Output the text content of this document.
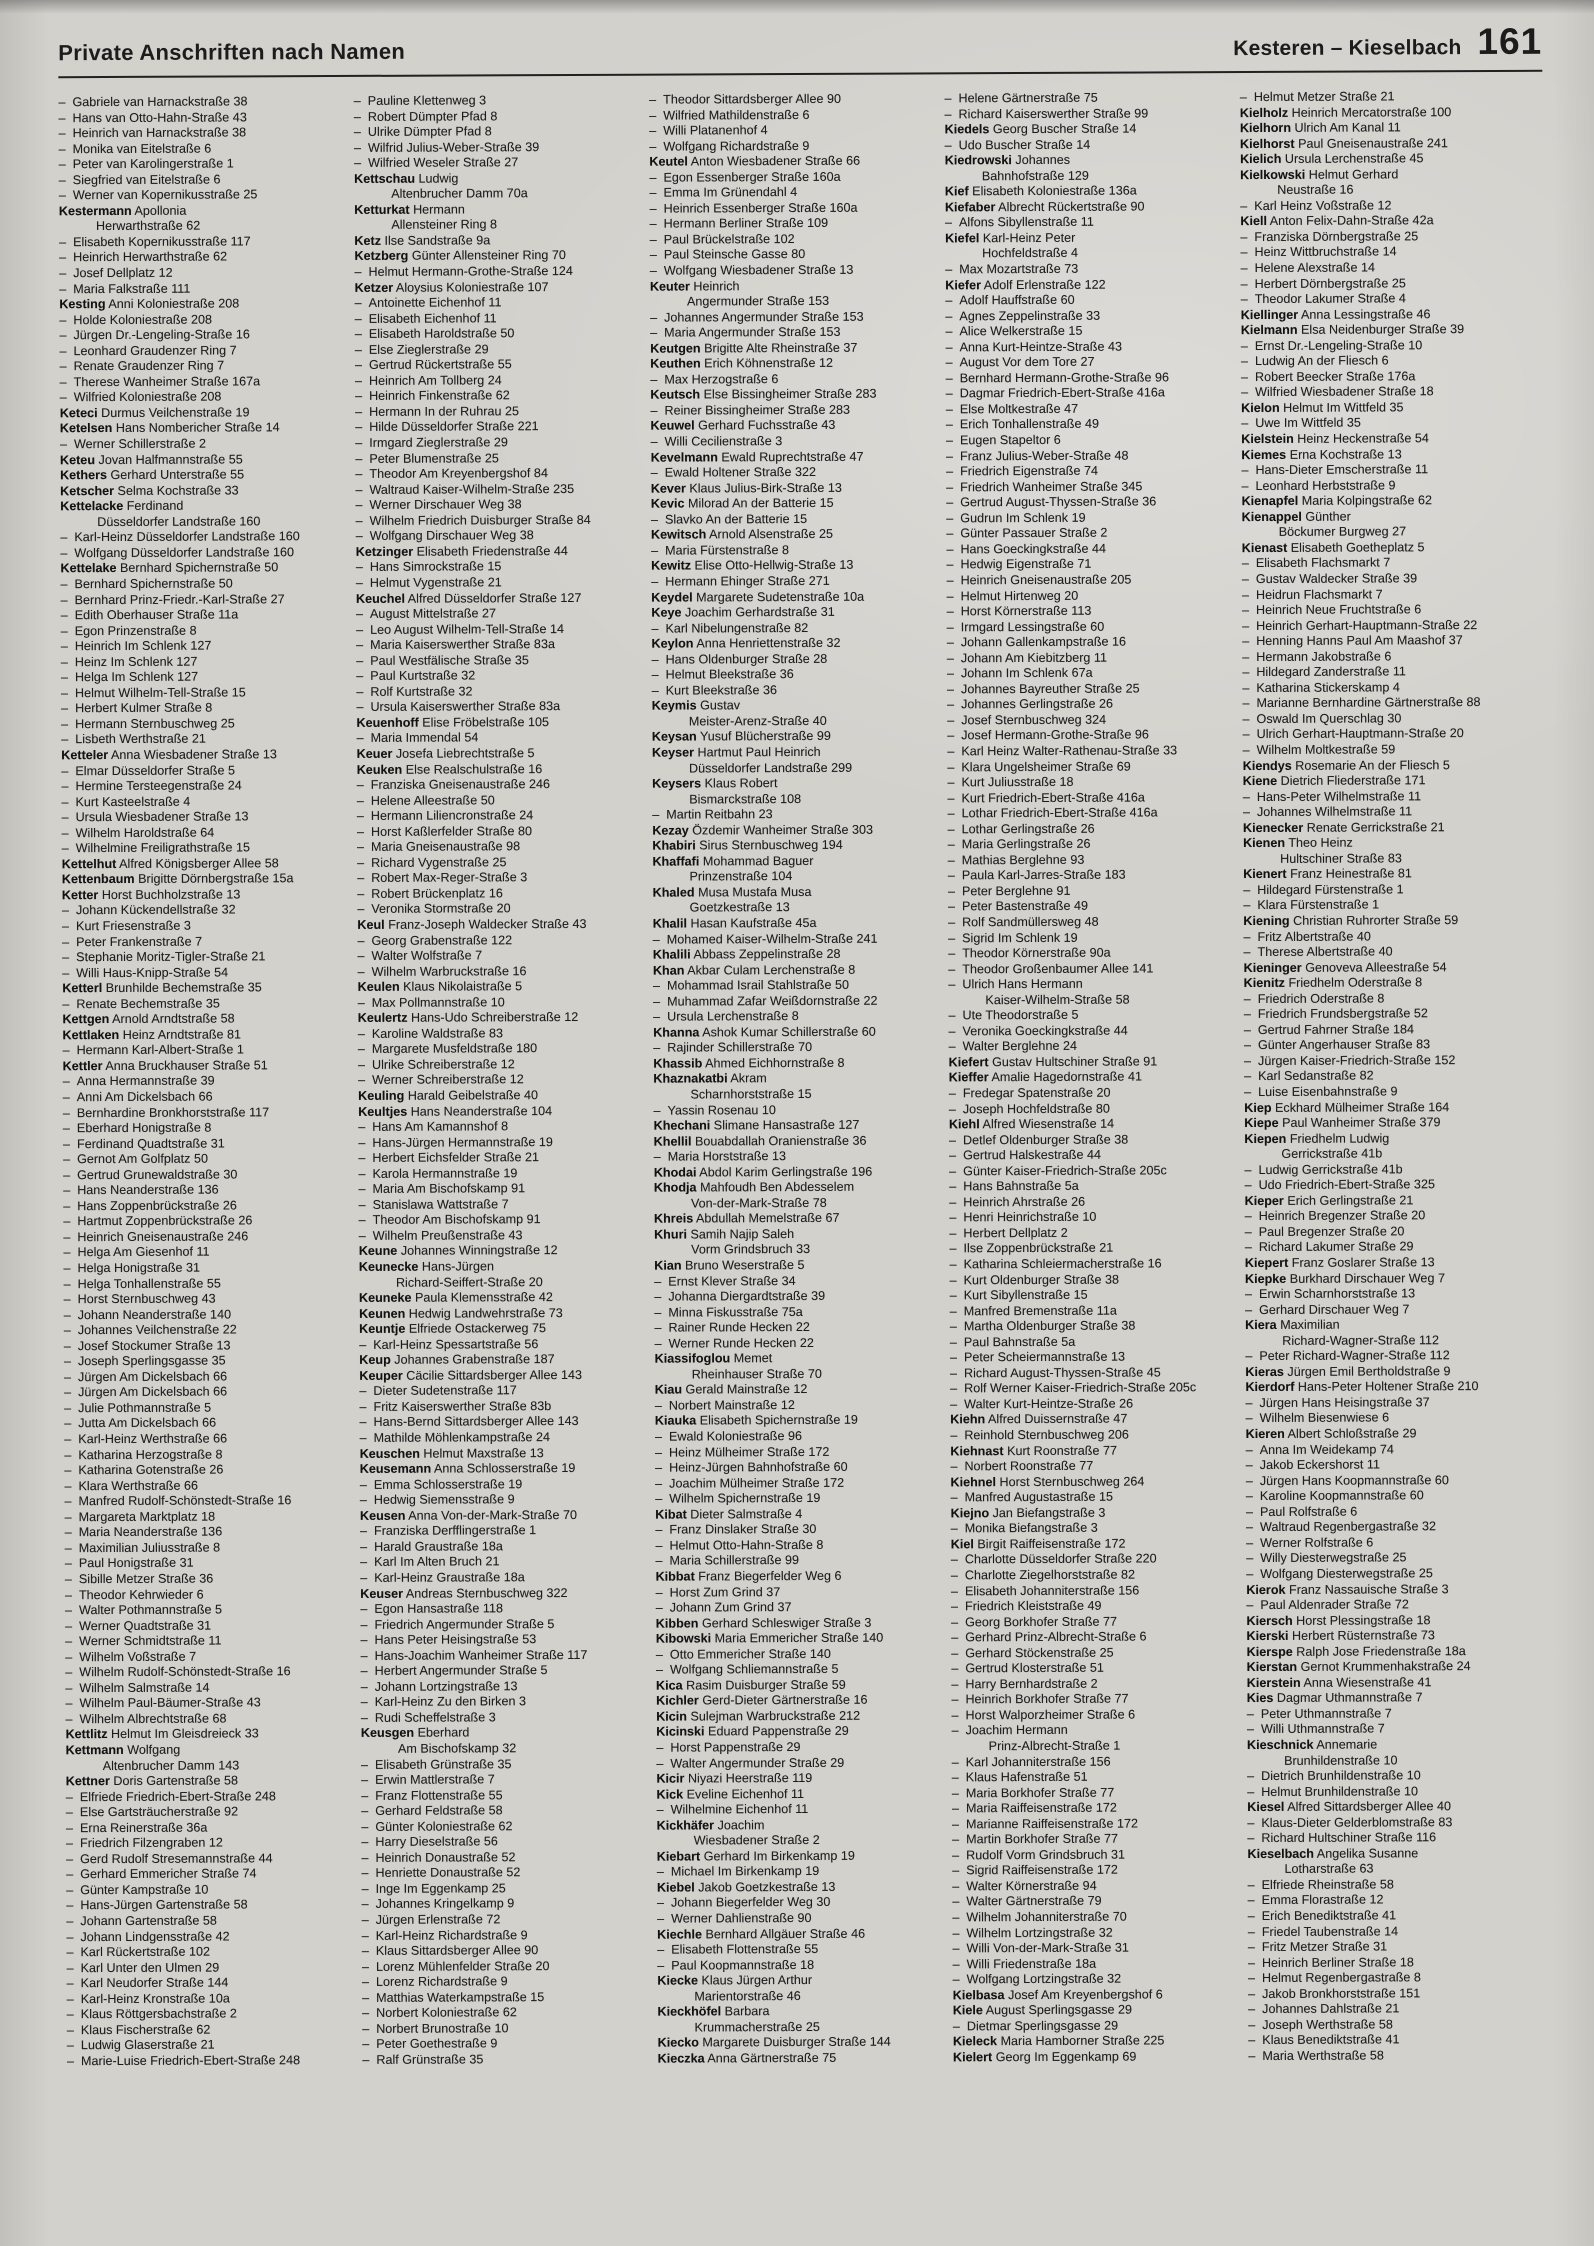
Private Anschriften nach Namen	Kesteren – Kieselbach 161
– Gabriele van Harnackstraße 38
– Hans van Otto-Hahn-Straße 43
– Heinrich van Harnackstraße 38
– Monika van Eitelstraße 6
– Peter van Karolingerstraße 1
– Siegfried van Eitelstraße 6
– Werner van Kopernikusstraße 25
Kestermann Apollonia
Herwarthstraße 62
– Elisabeth Kopernikusstraße 117
– Heinrich Herwarthstraße 62
– Josef Dellplatz 12
– Maria Falkstraße 111
Kesting Anni Koloniestraße 208
– Holde Koloniestraße 208
– Jürgen Dr.-Lengeling-Straße 16
– Leonhard Graudenzer Ring 7
– Renate Graudenzer Ring 7
– Therese Wanheimer Straße 167a
– Wilfried Koloniestraße 208
Keteci Durmus Veilchenstraße 19
Ketelsen Hans Nombericher Straße 14
– Werner Schillerstraße 2
Keteu Jovan Halfmannstraße 55
Kethers Gerhard Unterstraße 55
Ketscher Selma Kochstraße 33
Kettelacke Ferdinand
Düsseldorfer Landstraße 160
– Karl-Heinz Düsseldorfer Landstraße 160
– Wolfgang Düsseldorfer Landstraße 160
Kettelake Bernhard Spichernstraße 50
– Bernhard Spichernstraße 50
– Bernhard Prinz-Friedr.-Karl-Straße 27
– Edith Oberhauser Straße 11a
– Egon Prinzenstraße 8
– Heinrich Im Schlenk 127
– Heinz Im Schlenk 127
– Helga Im Schlenk 127
– Helmut Wilhelm-Tell-Straße 15
– Herbert Kulmer Straße 8
– Hermann Sternbuschweg 25
– Lisbeth Werthstraße 21
Ketteler Anna Wiesbadener Straße 13
– Elmar Düsseldorfer Straße 5
– Hermine Tersteegenstraße 24
– Kurt Kasteelstraße 4
– Ursula Wiesbadener Straße 13
– Wilhelm Haroldstraße 64
– Wilhelmine Freiligrathstraße 15
Kettelhut Alfred Königsberger Allee 58
Kettenbaum Brigitte Dörnbergstraße 15a
Ketter Horst Buchholzstraße 13
– Johann Kückendellstraße 32
– Kurt Friesenstraße 3
– Peter Frankenstraße 7
– Stephanie Moritz-Tigler-Straße 21
– Willi Haus-Knipp-Straße 54
Ketterl Brunhilde Bechemstraße 35
– Renate Bechemstraße 35
Kettgen Arnold Arndtstraße 58
Kettlaken Heinz Arndtstraße 81
– Hermann Karl-Albert-Straße 1
Kettler Anna Bruckhauser Straße 51
– Anna Hermannstraße 39
– Anni Am Dickelsbach 66
– Bernhardine Bronkhorststraße 117
– Eberhard Honigstraße 8
– Ferdinand Quadtstraße 31
– Gernot Am Golfplatz 50
– Gertrud Grunewaldstraße 30
– Hans Neanderstraße 136
– Hans Zoppenbrückstraße 26
– Hartmut Zoppenbrückstraße 26
– Heinrich Gneisenaustraße 246
– Helga Am Giesenhof 11
– Helga Honigstraße 31
– Helga Tonhallenstraße 55
– Horst Sternbuschweg 43
– Johann Neanderstraße 140
– Johannes Veilchenstraße 22
– Josef Stockumer Straße 13
– Joseph Sperlingsgasse 35
– Jürgen Am Dickelsbach 66
– Jürgen Am Dickelsbach 66
– Julie Pothmannstraße 5
– Jutta Am Dickelsbach 66
– Karl-Heinz Werthstraße 66
– Katharina Herzogstraße 8
– Katharina Gotenstraße 26
– Klara Werthstraße 66
– Manfred Rudolf-Schönstedt-Straße 16
– Margareta Marktplatz 18
– Maria Neanderstraße 136
– Maximilian Juliusstraße 8
– Paul Honigstraße 31
– Sibille Metzer Straße 36
– Theodor Kehrwieder 6
– Walter Pothmannstraße 5
– Werner Quadtstraße 31
– Werner Schmidtstraße 11
– Wilhelm Voßstraße 7
– Wilhelm Rudolf-Schönstedt-Straße 16
– Wilhelm Salmstraße 14
– Wilhelm Paul-Bäumer-Straße 43
– Wilhelm Albrechtstraße 68
Kettlitz Helmut Im Gleisdreieck 33
Kettmann Wolfgang
Altenbrucher Damm 143
Kettner Doris Gartenstraße 58
– Elfriede Friedrich-Ebert-Straße 248
– Else Gartsträucherstraße 92
– Erna Reinerstraße 36a
– Friedrich Filzengraben 12
– Gerd Rudolf Stresemannstraße 44
– Gerhard Emmericher Straße 74
– Günter Kampstraße 10
– Hans-Jürgen Gartenstraße 58
– Johann Gartenstraße 58
– Johann Lindgensstraße 42
– Karl Rückertstraße 102
– Karl Unter den Ulmen 29
– Karl Neudorfer Straße 144
– Karl-Heinz Kronstraße 10a
– Klaus Röttgersbachstraße 2
– Klaus Fischerstraße 62
– Ludwig Glaserstraße 21
– Marie-Luise Friedrich-Ebert-Straße 248
– Pauline Klettenweg 3
– Robert Dümpter Pfad 8
– Ulrike Dümpter Pfad 8
– Wilfrid Julius-Weber-Straße 39
– Wilfried Weseler Straße 27
Kettschau Ludwig
Altenbrucher Damm 70a
Ketturkat Hermann
Allensteiner Ring 8
Ketz Ilse Sandstraße 9a
Ketzberg Günter Allensteiner Ring 70
– Helmut Hermann-Grothe-Straße 124
Ketzer Aloysius Koloniestraße 107
– Antoinette Eichenhof 11
– Elisabeth Eichenhof 11
– Elisabeth Haroldstraße 50
– Else Zieglerstraße 29
– Gertrud Rückertstraße 55
– Heinrich Am Tollberg 24
– Heinrich Finkenstraße 62
– Hermann In der Ruhrau 25
– Hilde Düsseldorfer Straße 221
– Irmgard Zieglerstraße 29
– Peter Blumenstraße 25
– Theodor Am Kreyenbergshof 84
– Waltraud Kaiser-Wilhelm-Straße 235
– Werner Dirschauer Weg 38
– Wilhelm Friedrich Duisburger Straße 84
– Wolfgang Dirschauer Weg 38
Ketzinger Elisabeth Friedenstraße 44
– Hans Simrockstraße 15
– Helmut Vygenstraße 21
Keuchel Alfred Düsseldorfer Straße 127
– August Mittelstraße 27
– Leo August Wilhelm-Tell-Straße 14
– Maria Kaiserswerther Straße 83a
– Paul Westfälische Straße 35
– Paul Kurtstraße 32
– Rolf Kurtstraße 32
– Ursula Kaiserswerther Straße 83a
Keuenhoff Elise Fröbelstraße 105
– Maria Immendal 54
Keuer Josefa Liebrechtstraße 5
Keuken Else Realschulstraße 16
– Franziska Gneisenaustraße 246
– Helene Alleestraße 50
– Hermann Liliencronstraße 24
– Horst Kaßlerfelder Straße 80
– Maria Gneisenaustraße 98
– Richard Vygenstraße 25
– Robert Max-Reger-Straße 3
– Robert Brückenplatz 16
– Veronika Stormstraße 20
Keul Franz-Joseph Waldecker Straße 43
– Georg Grabenstraße 122
– Walter Wolfstraße 7
– Wilhelm Warbruckstraße 16
Keulen Klaus Nikolaistraße 5
– Max Pollmannstraße 10
Keulertz Hans-Udo Schreiberstraße 12
– Karoline Waldstraße 83
– Margarete Musfeldstraße 180
– Ulrike Schreiberstraße 12
– Werner Schreiberstraße 12
Keuling Harald Geibelstraße 40
Keultjes Hans Neanderstraße 104
– Hans Am Kamannshof 8
– Hans-Jürgen Hermannstraße 19
– Herbert Eichsfelder Straße 21
– Karola Hermannstraße 19
– Maria Am Bischofskamp 91
– Stanislawa Wattstraße 7
– Theodor Am Bischofskamp 91
– Wilhelm Preußenstraße 43
Keune Johannes Winningstraße 12
Keunecke Hans-Jürgen
Richard-Seiffert-Straße 20
Keuneke Paula Klemensstraße 42
Keunen Hedwig Landwehrstraße 73
Keuntje Elfriede Ostackerweg 75
– Karl-Heinz Spessartstraße 56
Keup Johannes Grabenstraße 187
Keuper Cäcilie Sittardsberger Allee 143
– Dieter Sudetenstraße 117
– Fritz Kaiserswerther Straße 83b
– Hans-Bernd Sittardsberger Allee 143
– Mathilde Möhlenkampstraße 24
Keuschen Helmut Maxstraße 13
Keusemann Anna Schlosserstraße 19
– Emma Schlosserstraße 19
– Hedwig Siemensstraße 9
Keusen Anna Von-der-Mark-Straße 70
– Franziska Derfflingerstraße 1
– Harald Graustraße 18a
– Karl Im Alten Bruch 21
– Karl-Heinz Graustraße 18a
Keuser Andreas Sternbuschweg 322
– Egon Hansastraße 118
– Friedrich Angermunder Straße 5
– Hans Peter Heisingstraße 53
– Hans-Joachim Wanheimer Straße 117
– Herbert Angermunder Straße 5
– Johann Lortzingstraße 13
– Karl-Heinz Zu den Birken 3
– Rudi Scheffelstraße 3
Keusgen Eberhard
Am Bischofskamp 32
– Elisabeth Grünstraße 35
– Erwin Mattlerstraße 7
– Franz Flottenstraße 55
– Gerhard Feldstraße 58
– Günter Koloniestraße 62
– Harry Dieselstraße 56
– Heinrich Donaustraße 52
– Henriette Donaustraße 52
– Inge Im Eggenkamp 25
– Johannes Kringelkamp 9
– Jürgen Erlenstraße 72
– Karl-Heinz Richardstraße 9
– Klaus Sittardsberger Allee 90
– Lorenz Mühlenfelder Straße 20
– Lorenz Richardstraße 9
– Matthias Waterkampstraße 15
– Norbert Koloniestraße 62
– Norbert Brunostraße 10
– Peter Goethestraße 9
– Ralf Grünstraße 35
– Theodor Sittardsberger Allee 90
– Wilfried Mathildenstraße 6
– Willi Platanenhof 4
– Wolfgang Richardstraße 9
Keutel Anton Wiesbadener Straße 66
– Egon Essenberger Straße 160a
– Emma Im Grünendahl 4
– Heinrich Essenberger Straße 160a
– Hermann Berliner Straße 109
– Paul Brückelstraße 102
– Paul Steinsche Gasse 80
– Wolfgang Wiesbadener Straße 13
Keuter Heinrich
Angermunder Straße 153
– Johannes Angermunder Straße 153
– Maria Angermunder Straße 153
Keutgen Brigitte Alte Rheinstraße 37
Keuthen Erich Köhnenstraße 12
– Max Herzogstraße 6
Keutsch Else Bissingheimer Straße 283
– Reiner Bissingheimer Straße 283
Keuwel Gerhard Fuchsstraße 43
– Willi Cecilienstraße 3
Kevelmann Ewald Ruprechtstraße 47
– Ewald Holtener Straße 322
Kever Klaus Julius-Birk-Straße 13
Kevic Milorad An der Batterie 15
– Slavko An der Batterie 15
Kewitsch Arnold Alsenstraße 25
– Maria Fürstenstraße 8
Kewitz Elise Otto-Hellwig-Straße 13
– Hermann Ehinger Straße 271
Keydel Margarete Sudetenstraße 10a
Keye Joachim Gerhardstraße 31
– Karl Nibelungenstraße 82
Keylon Anna Henriettenstraße 32
– Hans Oldenburger Straße 28
– Helmut Bleekstraße 36
– Kurt Bleekstraße 36
Keymis Gustav
Meister-Arenz-Straße 40
Keysan Yusuf Blücherstraße 99
Keyser Hartmut Paul Heinrich
Düsseldorfer Landstraße 299
Keysers Klaus Robert
Bismarckstraße 108
– Martin Reitbahn 23
Kezay Özdemir Wanheimer Straße 303
Khabiri Sirus Sternbuschweg 194
Khaffafi Mohammad Baguer
Prinzenstraße 104
Khaled Musa Mustafa Musa
Goetzkestraße 13
Khalil Hasan Kaufstraße 45a
– Mohamed Kaiser-Wilhelm-Straße 241
Khalili Abbass Zeppelinstraße 28
Khan Akbar Culam Lerchenstraße 8
– Mohammad Israil Stahlstraße 50
– Muhammad Zafar Weißdornstraße 22
– Ursula Lerchenstraße 8
Khanna Ashok Kumar Schillerstraße 60
– Rajinder Schillerstraße 70
Khassib Ahmed Eichhornstraße 8
Khaznakatbi Akram
Scharnhorststraße 15
– Yassin Rosenau 10
Khechani Slimane Hansastraße 127
Khellil Bouabdallah Oranienstraße 36
– Maria Horststraße 13
Khodai Abdol Karim Gerlingstraße 196
Khodja Mahfoudh Ben Abdesselem
Von-der-Mark-Straße 78
Khreis Abdullah Memelstraße 67
Khuri Samih Najip Saleh
Vorm Grindsbruch 33
Kian Bruno Weserstraße 5
– Ernst Klever Straße 34
– Johanna Diergardtstraße 39
– Minna Fiskusstraße 75a
– Rainer Runde Hecken 22
– Werner Runde Hecken 22
Kiassifoglou Memet
Rheinhauser Straße 70
Kiau Gerald Mainstraße 12
– Norbert Mainstraße 12
Kiauka Elisabeth Spichernstraße 19
– Ewald Koloniestraße 96
– Heinz Mülheimer Straße 172
– Heinz-Jürgen Bahnhofstraße 60
– Joachim Mülheimer Straße 172
– Wilhelm Spichernstraße 19
Kibat Dieter Salmstraße 4
– Franz Dinslaker Straße 30
– Helmut Otto-Hahn-Straße 8
– Maria Schillerstraße 99
Kibbat Franz Biegerfelder Weg 6
– Horst Zum Grind 37
– Johann Zum Grind 37
Kibben Gerhard Schleswiger Straße 3
Kibowski Maria Emmericher Straße 140
– Otto Emmericher Straße 140
– Wolfgang Schliemannstraße 5
Kica Rasim Duisburger Straße 59
Kichler Gerd-Dieter Gärtnerstraße 16
Kicin Sulejman Warbruckstraße 212
Kicinski Eduard Pappenstraße 29
– Horst Pappenstraße 29
– Walter Angermunder Straße 29
Kicir Niyazi Heerstraße 119
Kick Eveline Eichenhof 11
– Wilhelmine Eichenhof 11
Kickhäfer Joachim
Wiesbadener Straße 2
Kiebart Gerhard Im Birkenkamp 19
– Michael Im Birkenkamp 19
Kiebel Jakob Goetzkestraße 13
– Johann Biegerfelder Weg 30
– Werner Dahlienstraße 90
Kiechle Bernhard Allgäuer Straße 46
– Elisabeth Flottenstraße 55
– Paul Koopmannstraße 18
Kiecke Klaus Jürgen Arthur
Marientorstraße 46
Kieckhöfel Barbara
Krummacherstraße 25
Kiecko Margarete Duisburger Straße 144
Kieczka Anna Gärtnerstraße 75
– Helene Gärtnerstraße 75
– Richard Kaiserswerther Straße 99
Kiedels Georg Buscher Straße 14
– Udo Buscher Straße 14
Kiedrowski Johannes
Bahnhofstraße 129
Kief Elisabeth Koloniestraße 136a
Kiefaber Albrecht Rückertstraße 90
– Alfons Sibyllenstraße 11
Kiefel Karl-Heinz Peter
Hochfeldstraße 4
– Max Mozartstraße 73
Kiefer Adolf Erlenstraße 122
– Adolf Hauffstraße 60
– Agnes Zeppelinstraße 33
– Alice Welkerstraße 15
– Anna Kurt-Heintze-Straße 43
– August Vor dem Tore 27
– Bernhard Hermann-Grothe-Straße 96
– Dagmar Friedrich-Ebert-Straße 416a
– Else Moltkestraße 47
– Erich Tonhallenstraße 49
– Eugen Stapeltor 6
– Franz Julius-Weber-Straße 48
– Friedrich Eigenstraße 74
– Friedrich Wanheimer Straße 345
– Gertrud August-Thyssen-Straße 36
– Gudrun Im Schlenk 19
– Günter Passauer Straße 2
– Hans Goeckingkstraße 44
– Hedwig Eigenstraße 71
– Heinrich Gneisenaustraße 205
– Helmut Hirtenweg 20
– Horst Körnerstraße 113
– Irmgard Lessingstraße 60
– Johann Gallenkampstraße 16
– Johann Am Kiebitzberg 11
– Johann Im Schlenk 67a
– Johannes Bayreuther Straße 25
– Johannes Gerlingstraße 26
– Josef Sternbuschweg 324
– Josef Hermann-Grothe-Straße 96
– Karl Heinz Walter-Rathenau-Straße 33
– Klara Ungelsheimer Straße 69
– Kurt Juliusstraße 18
– Kurt Friedrich-Ebert-Straße 416a
– Lothar Friedrich-Ebert-Straße 416a
– Lothar Gerlingstraße 26
– Maria Gerlingstraße 26
– Mathias Berglehne 93
– Paula Karl-Jarres-Straße 183
– Peter Berglehne 91
– Peter Bastenstraße 49
– Rolf Sandmüllersweg 48
– Sigrid Im Schlenk 19
– Theodor Körnerstraße 90a
– Theodor Großenbaumer Allee 141
– Ulrich Hans Hermann
Kaiser-Wilhelm-Straße 58
– Ute Theodorstraße 5
– Veronika Goeckingkstraße 44
– Walter Berglehne 24
Kiefert Gustav Hultschiner Straße 91
Kieffer Amalie Hagedornstraße 41
– Fredegar Spatenstraße 20
– Joseph Hochfeldstraße 80
Kiehl Alfred Wiesenstraße 14
– Detlef Oldenburger Straße 38
– Gertrud Halskestraße 44
– Günter Kaiser-Friedrich-Straße 205c
– Hans Bahnstraße 5a
– Heinrich Ahrstraße 26
– Henri Heinrichstraße 10
– Herbert Dellplatz 2
– Ilse Zoppenbrückstraße 21
– Katharina Schleiermacherstraße 16
– Kurt Oldenburger Straße 38
– Kurt Sibyllenstraße 15
– Manfred Bremenstraße 11a
– Martha Oldenburger Straße 38
– Paul Bahnstraße 5a
– Peter Scheiermannstraße 13
– Richard August-Thyssen-Straße 45
– Rolf Werner Kaiser-Friedrich-Straße 205c
– Walter Kurt-Heintze-Straße 26
Kiehn Alfred Duissernstraße 47
– Reinhold Sternbuschweg 206
Kiehnast Kurt Roonstraße 77
– Norbert Roonstraße 77
Kiehnel Horst Sternbuschweg 264
– Manfred Augustastraße 15
Kiejno Jan Biefangstraße 3
– Monika Biefangstraße 3
Kiel Birgit Raiffeisenstraße 172
– Charlotte Düsseldorfer Straße 220
– Charlotte Ziegelhorststraße 82
– Elisabeth Johanniterstraße 156
– Friedrich Kleiststraße 49
– Georg Borkhofer Straße 77
– Gerhard Prinz-Albrecht-Straße 6
– Gerhard Stöckenstraße 25
– Gertrud Klosterstraße 51
– Harry Bernhardstraße 2
– Heinrich Borkhofer Straße 77
– Horst Walporzheimer Straße 6
– Joachim Hermann
Prinz-Albrecht-Straße 1
– Karl Johanniterstraße 156
– Klaus Hafenstraße 51
– Maria Borkhofer Straße 77
– Maria Raiffeisenstraße 172
– Marianne Raiffeisenstraße 172
– Martin Borkhofer Straße 77
– Rudolf Vorm Grindsbruch 31
– Sigrid Raiffeisenstraße 172
– Walter Körnerstraße 94
– Walter Gärtnerstraße 79
– Wilhelm Johanniterstraße 70
– Wilhelm Lortzingstraße 32
– Willi Von-der-Mark-Straße 31
– Willi Friedenstraße 18a
– Wolfgang Lortzingstraße 32
Kielbasa Josef Am Kreyenbergshof 6
Kiele August Sperlingsgasse 29
– Dietmar Sperlingsgasse 29
Kieleck Maria Hamborner Straße 225
Kielert Georg Im Eggenkamp 69
– Helmut Metzer Straße 21
Kielholz Heinrich Mercatorstraße 100
Kielhorn Ulrich Am Kanal 11
Kielhorst Paul Gneisenaustraße 241
Kielich Ursula Lerchenstraße 45
Kielkowski Helmut Gerhard
Neustraße 16
– Karl Heinz Voßstraße 12
Kiell Anton Felix-Dahn-Straße 42a
– Franziska Dörnbergstraße 25
– Heinz Wittbruchstraße 14
– Helene Alexstraße 14
– Herbert Dörnbergstraße 25
– Theodor Lakumer Straße 4
Kiellinger Anna Lessingstraße 46
Kielmann Elsa Neidenburger Straße 39
– Ernst Dr.-Lengeling-Straße 10
– Ludwig An der Fliesch 6
– Robert Beecker Straße 176a
– Wilfried Wiesbadener Straße 18
Kielon Helmut Im Wittfeld 35
– Uwe Im Wittfeld 35
Kielstein Heinz Heckenstraße 54
Kiemes Erna Kochstraße 13
– Hans-Dieter Emscherstraße 11
– Leonhard Herbststraße 9
Kienapfel Maria Kolpingstraße 62
Kienappel Günther
Böckumer Burgweg 27
Kienast Elisabeth Goetheplatz 5
– Elisabeth Flachsmarkt 7
– Gustav Waldecker Straße 39
– Heidrun Flachsmarkt 7
– Heinrich Neue Fruchtstraße 6
– Heinrich Gerhart-Hauptmann-Straße 22
– Henning Hanns Paul Am Maashof 37
– Hermann Jakobstraße 6
– Hildegard Zanderstraße 11
– Katharina Stickerskamp 4
– Marianne Bernhardine Gärtnerstraße 88
– Oswald Im Querschlag 30
– Ulrich Gerhart-Hauptmann-Straße 20
– Wilhelm Moltkestraße 59
Kiendys Rosemarie An der Fliesch 5
Kiene Dietrich Fliederstraße 171
– Hans-Peter Wilhelmstraße 11
– Johannes Wilhelmstraße 11
Kienecker Renate Gerrickstraße 21
Kienen Theo Heinz
Hultschiner Straße 83
Kienert Franz Heinestraße 81
– Hildegard Fürstenstraße 1
– Klara Fürstenstraße 1
Kiening Christian Ruhrorter Straße 59
– Fritz Albertstraße 40
– Therese Albertstraße 40
Kieninger Genoveva Alleestraße 54
Kienitz Friedhelm Oderstraße 8
– Friedrich Oderstraße 8
– Friedrich Frundsbergstraße 52
– Gertrud Fahrner Straße 184
– Günter Angerhauser Straße 83
– Jürgen Kaiser-Friedrich-Straße 152
– Karl Sedanstraße 82
– Luise Eisenbahnstraße 9
Kiep Eckhard Mülheimer Straße 164
Kiepe Paul Wanheimer Straße 379
Kiepen Friedhelm Ludwig
Gerrickstraße 41b
– Ludwig Gerrickstraße 41b
– Udo Friedrich-Ebert-Straße 325
Kieper Erich Gerlingstraße 21
– Heinrich Bregenzer Straße 20
– Paul Bregenzer Straße 20
– Richard Lakumer Straße 29
Kiepert Franz Goslarer Straße 13
Kiepke Burkhard Dirschauer Weg 7
– Erwin Scharnhorststraße 13
– Gerhard Dirschauer Weg 7
Kiera Maximilian
Richard-Wagner-Straße 112
– Peter Richard-Wagner-Straße 112
Kieras Jürgen Emil Bertholdstraße 9
Kierdorf Hans-Peter Holtener Straße 210
– Jürgen Hans Heisingstraße 37
– Wilhelm Biesenwiese 6
Kieren Albert Schloßstraße 29
– Anna Im Weidekamp 74
– Jakob Eckershorst 11
– Jürgen Hans Koopmannstraße 60
– Karoline Koopmannstraße 60
– Paul Rolfstraße 6
– Waltraud Regenbergastraße 32
– Werner Rolfstraße 6
– Willy Diesterwegstraße 25
– Wolfgang Diesterwegstraße 25
Kierok Franz Nassauische Straße 3
– Paul Aldenrader Straße 72
Kiersch Horst Plessingstraße 18
Kierski Herbert Rüsternstraße 73
Kierspe Ralph Jose Friedenstraße 18a
Kierstan Gernot Krummenhakstraße 24
Kierstein Anna Wiesenstraße 41
Kies Dagmar Uthmannstraße 7
– Peter Uthmannstraße 7
– Willi Uthmannstraße 7
Kieschnick Annemarie
Brunhildenstraße 10
– Dietrich Brunhildenstraße 10
– Helmut Brunhildenstraße 10
Kiesel Alfred Sittardsberger Allee 40
– Klaus-Dieter Gelderblomstraße 83
– Richard Hultschiner Straße 116
Kieselbach Angelika Susanne
Lotharstraße 63
– Elfriede Rheinstraße 58
– Emma Florastraße 12
– Erich Benediktstraße 41
– Friedel Taubenstraße 14
– Fritz Metzer Straße 31
– Heinrich Berliner Straße 18
– Helmut Regenbergastraße 8
– Jakob Bronkhorststraße 151
– Johannes Dahlstraße 21
– Joseph Werthstraße 58
– Klaus Benediktstraße 41
– Maria Werthstraße 58
